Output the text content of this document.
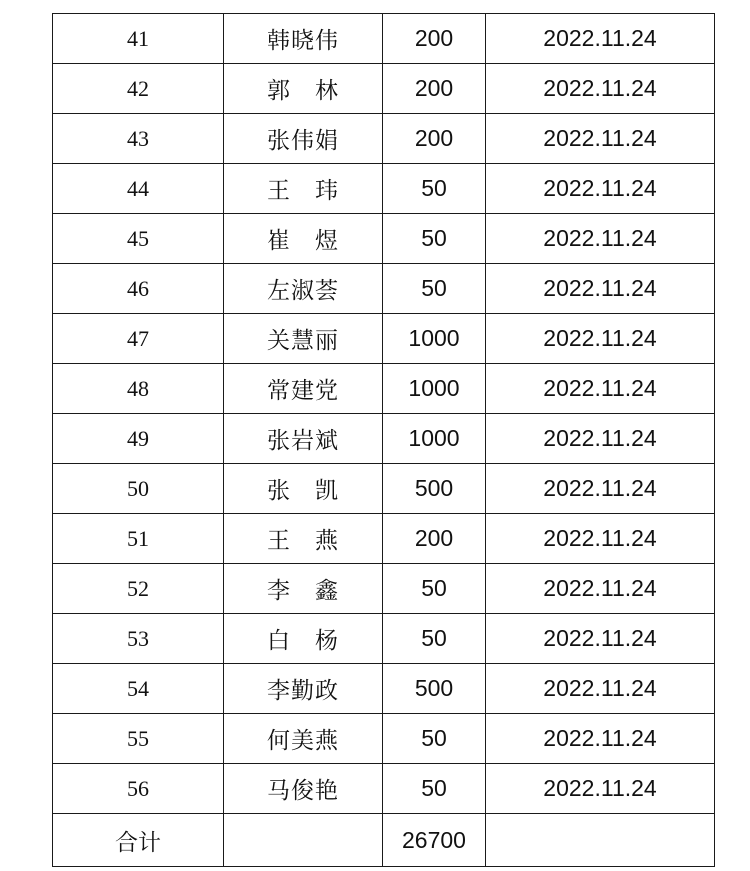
41	韩晓伟	200	2022.11.24
42	郭　林	200	2022.11.24
43	张伟娟	200	2022.11.24
44	王　玮	50	2022.11.24
45	崔　煜	50	2022.11.24
46	左淑荟	50	2022.11.24
47	关慧丽	1000	2022.11.24
48	常建党	1000	2022.11.24
49	张岩斌	1000	2022.11.24
50	张　凯	500	2022.11.24
51	王　燕	200	2022.11.24
52	李　鑫	50	2022.11.24
53	白　杨	50	2022.11.24
54	李勤政	500	2022.11.24
55	何美燕	50	2022.11.24
56	马俊艳	50	2022.11.24
合计		26700	
